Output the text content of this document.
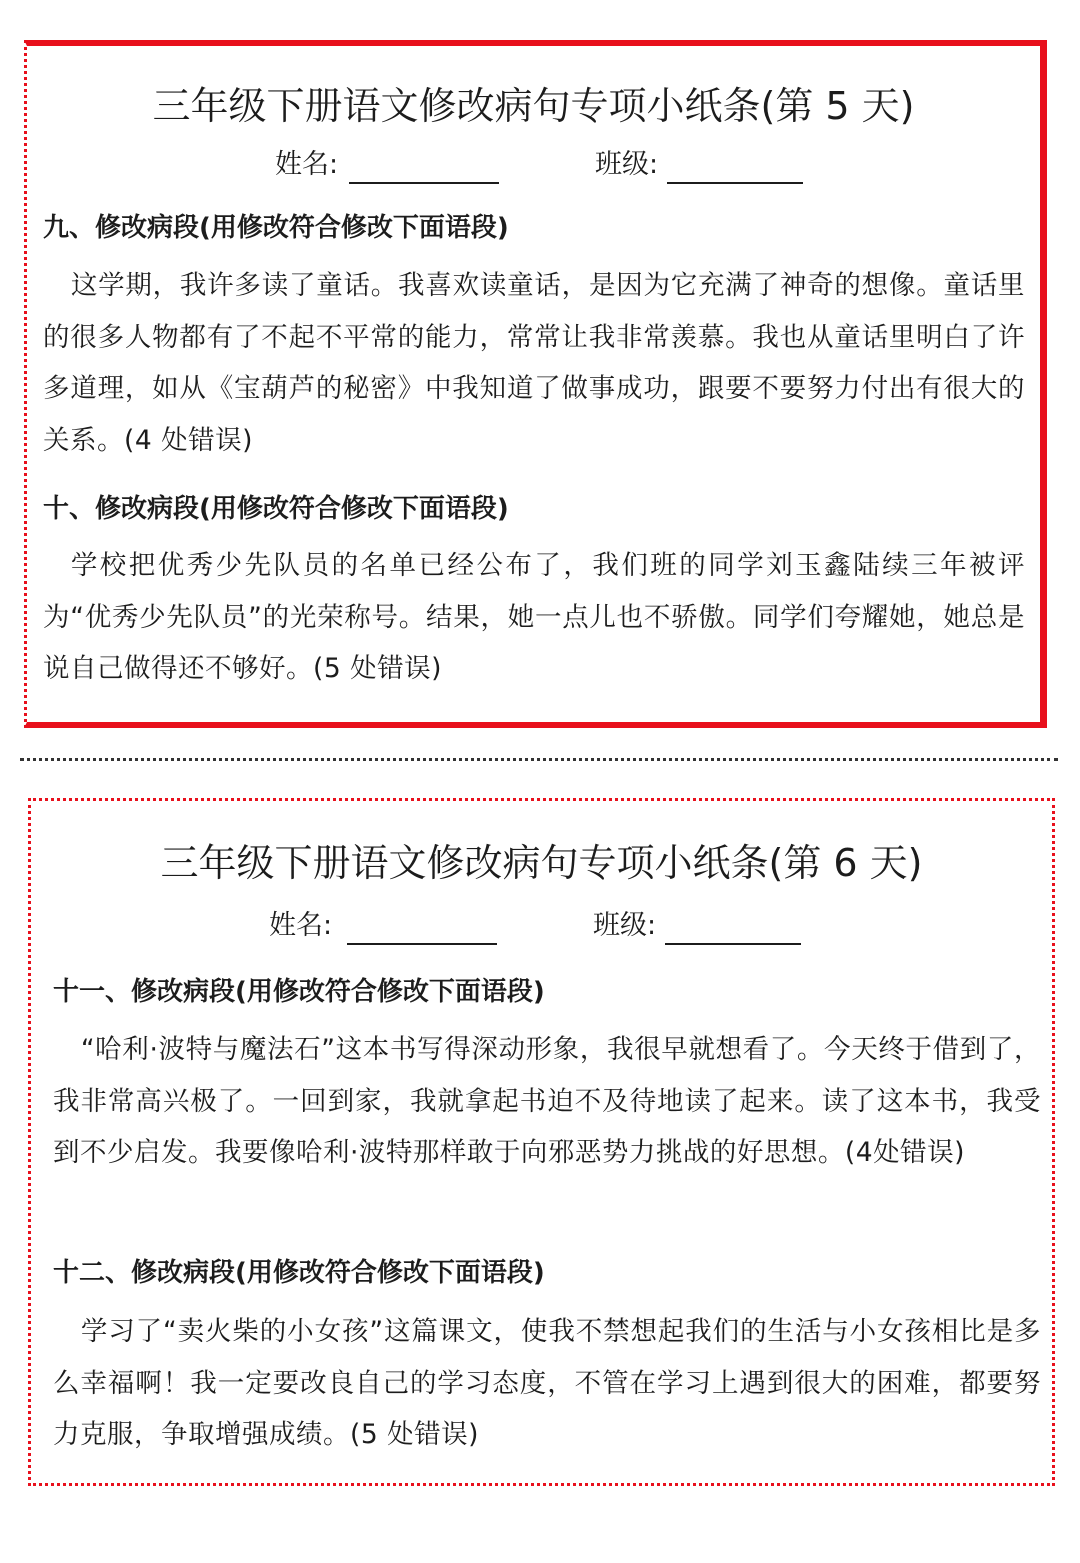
三年级下册语文修改病句专项小纸条(第 5 天)
姓名:	班级:
九、修改病段(用修改符合修改下面语段)
这学期，我许多读了童话。我喜欢读童话，是因为它充满了神奇的想像。童话里的很多人物都有了不起不平常的能力，常常让我非常羡慕。我也从童话里明白了许多道理，如从《宝葫芦的秘密》中我知道了做事成功，跟要不要努力付出有很大的关系。(4 处错误)
十、修改病段(用修改符合修改下面语段)
学校把优秀少先队员的名单已经公布了，我们班的同学刘玉鑫陆续三年被评为“优秀少先队员”的光荣称号。结果，她一点儿也不骄傲。同学们夸耀她，她总是说自己做得还不够好。(5 处错误)
三年级下册语文修改病句专项小纸条(第 6 天)
姓名:	班级:
十一、修改病段(用修改符合修改下面语段)
“哈利·波特与魔法石”这本书写得深动形象，我很早就想看了。今天终于借到了，我非常高兴极了。一回到家，我就拿起书迫不及待地读了起来。读了这本书，我受到不少启发。我要像哈利·波特那样敢于向邪恶势力挑战的好思想。(4处错误)
十二、修改病段(用修改符合修改下面语段)
学习了“卖火柴的小女孩”这篇课文，使我不禁想起我们的生活与小女孩相比是多么幸福啊！我一定要改良自己的学习态度，不管在学习上遇到很大的困难，都要努力克服，争取增强成绩。(5 处错误)
